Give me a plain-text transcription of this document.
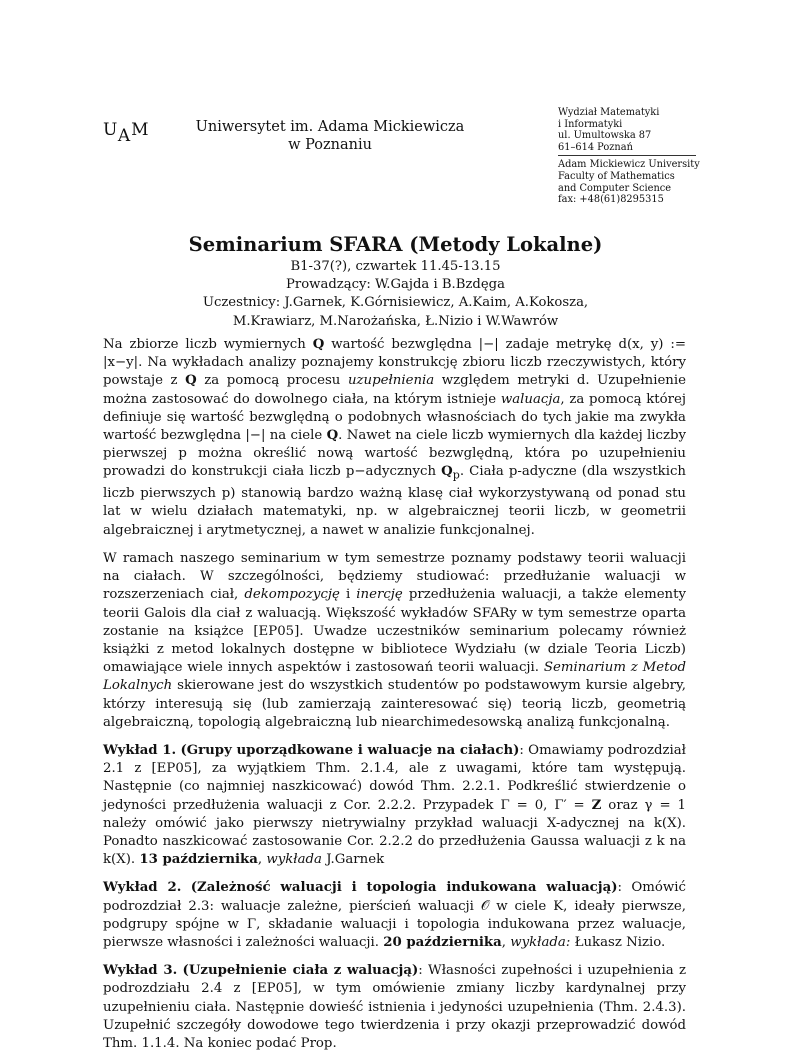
UAM	Uniwersytet im. Adama Mickiewicza
w Poznaniu
Wydział Matematyki
i Informatyki
ul. Umultowska 87
61–614 Poznań
Adam Mickiewicz University
Faculty of Mathematics
and Computer Science
fax: +48(61)8295315
Seminarium SFARA (Metody Lokalne)
B1-37(?), czwartek 11.45-13.15
Prowadzący: W.Gajda i B.Bzdęga
Uczestnicy: J.Garnek, K.Górnisiewicz, A.Kaim, A.Kokosza,
M.Krawiarz, M.Narożańska, Ł.Nizio i W.Wawrów

Na zbiorze liczb wymiernych Q wartość bezwględna |−| zadaje metrykę d(x, y) := |x−y|. Na wykładach analizy poznajemy konstrukcję zbioru liczb rzeczywistych, który powstaje z Q za pomocą procesu uzupełnienia względem metryki d. Uzupełnienie można zastosować do dowolnego ciała, na którym istnieje waluacja, za pomocą której definiuje się wartość bezwględną o podobnych własnościach do tych jakie ma zwykła wartość bezwględna |−| na ciele Q. Nawet na ciele liczb wymiernych dla każdej liczby pierwszej p można określić nową wartość bezwględną, która po uzupełnieniu prowadzi do konstrukcji ciała liczb p−adycznych $Q_p$. Ciała p-adyczne (dla wszystkich liczb pierwszych p) stanowią bardzo ważną klasę ciał wykorzystywaną od ponad stu lat w wielu działach matematyki, np. w algebraicznej teorii liczb, w geometrii algebraicznej i arytmetycznej, a nawet w analizie funkcjonalnej.

W ramach naszego seminarium w tym semestrze poznamy podstawy teorii waluacji na ciałach. W szczególności, będziemy studiować: przedłużanie waluacji w rozszerzeniach ciał, dekompozycję i inercję przedłużenia waluacji, a także elementy teorii Galois dla ciał z waluacją. Większość wykładów SFARy w tym semestrze oparta zostanie na książce [EP05]. Uwadze uczestników seminarium polecamy również książki z metod lokalnych dostępne w bibliotece Wydziału (w dziale Teoria Liczb) omawiające wiele innych aspektów i zastosowań teorii waluacji. Seminarium z Metod Lokalnych skierowane jest do wszystkich studentów po podstawowym kursie algebry, którzy interesują się (lub zamierzają zainteresować się) teorią liczb, geometrią algebraiczną, topologią algebraiczną lub niearchimedesowską analizą funkcjonalną.

Wykład 1. (Grupy uporządkowane i waluacje na ciałach): Omawiamy podrozdział 2.1 z [EP05], za wyjątkiem Thm. 2.1.4, ale z uwagami, które tam występują. Następnie (co najmniej naszkicować) dowód Thm. 2.2.1. Podkreślić stwierdzenie o jedyności przedłużenia waluacji z Cor. 2.2.2. Przypadek Γ = 0, Γ′ = Z oraz γ = 1 należy omówić jako pierwszy nietrywialny przykład waluacji X-adycznej na k(X). Ponadto naszkicować zastosowanie Cor. 2.2.2 do przedłużenia Gaussa waluacji z k na k(X). 13 października, wykłada J.Garnek

Wykład 2. (Zależność waluacji i topologia indukowana waluacją): Omówić podrozdział 2.3: waluacje zależne, pierścień waluacji 𝒪 w ciele K, ideały pierwsze, podgrupy spójne w Γ, składanie waluacji i topologia indukowana przez waluacje, pierwsze własności i zależności waluacji. 20 października, wykłada: Łukasz Nizio.

Wykład 3. (Uzupełnienie ciała z waluacją): Własności zupełności i uzupełnienia z podrozdziału 2.4 z [EP05], w tym omówienie zmiany liczby kardynalnej przy uzupełnieniu ciała. Następnie dowieść istnienia i jedyności uzupełnienia (Thm. 2.4.3). Uzupełnić szczegóły dowodowe tego twierdzenia i przy okazji przeprowadzić dowód Thm. 1.1.4. Na koniec podać Prop.
